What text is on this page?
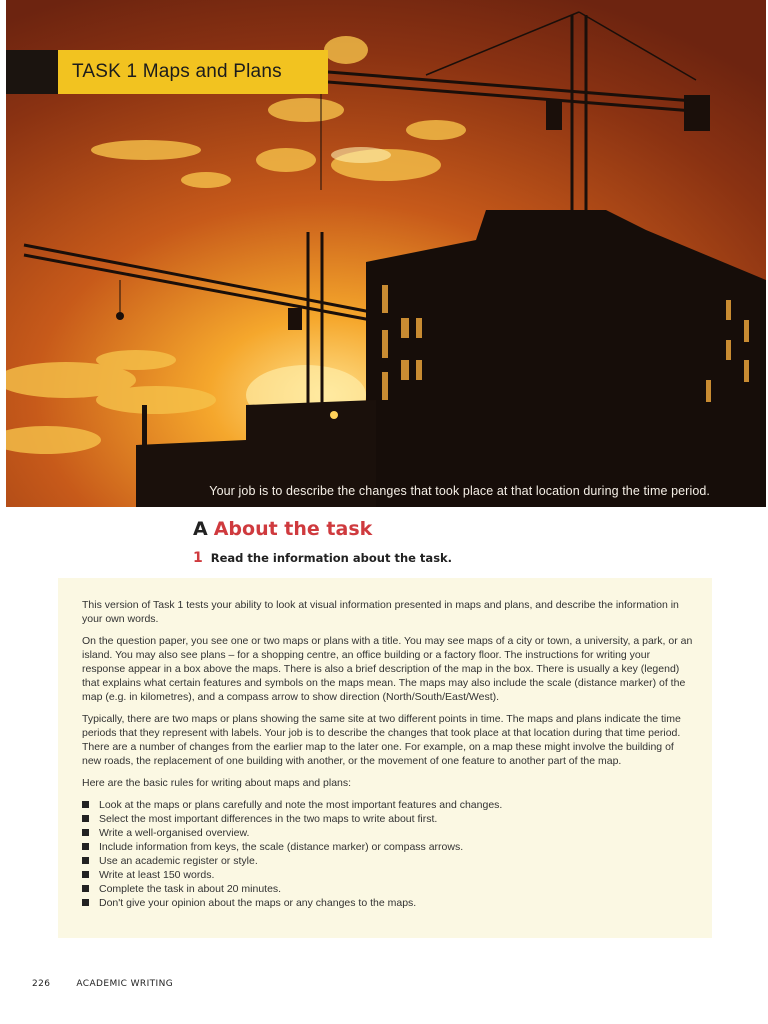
TASK 1 Maps and Plans
Your job is to describe the changes that took place at that location during the time period.
A About the task
1 Read the information about the task.

This version of Task 1 tests your ability to look at visual information presented in maps and plans, and describe the information in your own words.

On the question paper, you see one or two maps or plans with a title. You may see maps of a city or town, a university, a park, or an island. You may also see plans – for a shopping centre, an office building or a factory floor. The instructions for writing your response appear in a box above the maps. There is also a brief description of the map in the box. There is usually a key (legend) that explains what certain features and symbols on the maps mean. The maps may also include the scale (distance marker) of the map (e.g. in kilometres), and a compass arrow to show direction (North/South/East/West).

Typically, there are two maps or plans showing the same site at two different points in time. The maps and plans indicate the time periods that they represent with labels. Your job is to describe the changes that took place at that location during that time period. There are a number of changes from the earlier map to the later one. For example, on a map these might involve the building of new roads, the replacement of one building with another, or the movement of one feature to another part of the map.

Here are the basic rules for writing about maps and plans:

Look at the maps or plans carefully and note the most important features and changes.
Select the most important differences in the two maps to write about first.
Write a well-organised overview.
Include information from keys, the scale (distance marker) or compass arrows.
Use an academic register or style.
Write at least 150 words.
Complete the task in about 20 minutes.
Don't give your opinion about the maps or any changes to the maps.
226	ACADEMIC WRITING
